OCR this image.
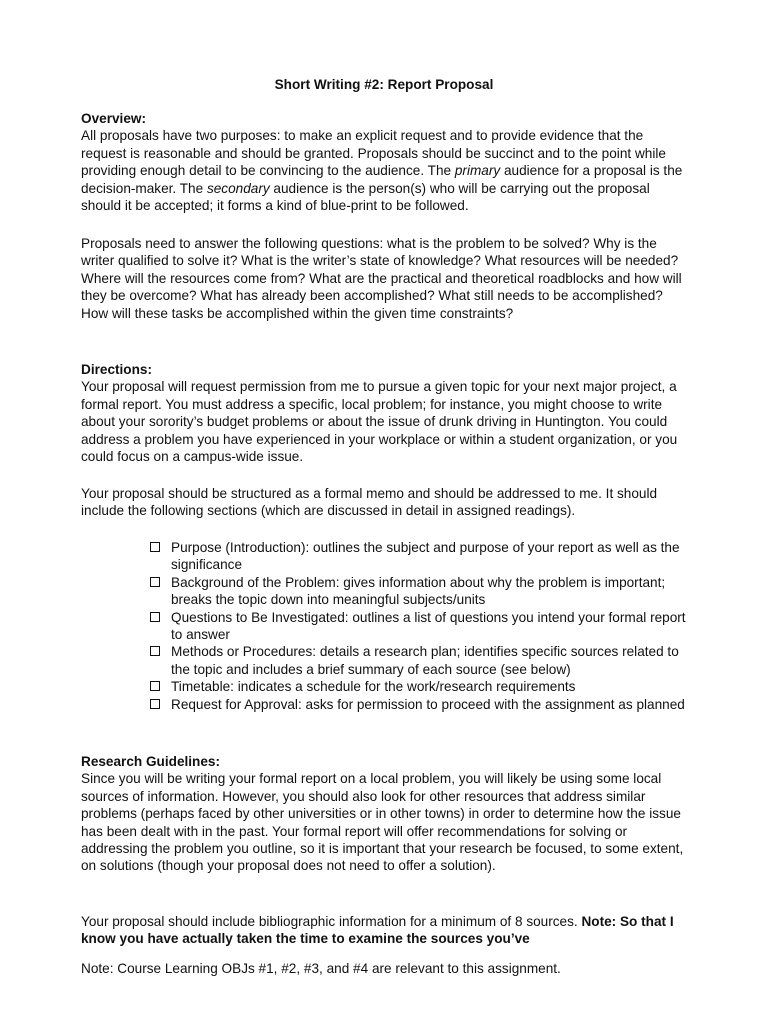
Short Writing #2: Report Proposal

Overview:

All proposals have two purposes: to make an explicit request and to provide evidence that the request is reasonable and should be granted. Proposals should be succinct and to the point while providing enough detail to be convincing to the audience. The primary audience for a proposal is the decision-maker. The secondary audience is the person(s) who will be carrying out the proposal should it be accepted; it forms a kind of blue-print to be followed.

Proposals need to answer the following questions: what is the problem to be solved? Why is the writer qualified to solve it? What is the writer’s state of knowledge? What resources will be needed? Where will the resources come from? What are the practical and theoretical roadblocks and how will they be overcome? What has already been accomplished? What still needs to be accomplished? How will these tasks be accomplished within the given time constraints?

Directions:

Your proposal will request permission from me to pursue a given topic for your next major project, a formal report. You must address a specific, local problem; for instance, you might choose to write about your sorority’s budget problems or about the issue of drunk driving in Huntington. You could address a problem you have experienced in your workplace or within a student organization, or you could focus on a campus-wide issue.

Your proposal should be structured as a formal memo and should be addressed to me. It should include the following sections (which are discussed in detail in assigned readings).

Purpose (Introduction): outlines the subject and purpose of your report as well as the significance
Background of the Problem: gives information about why the problem is important; breaks the topic down into meaningful subjects/units
Questions to Be Investigated: outlines a list of questions you intend your formal report to answer
Methods or Procedures: details a research plan; identifies specific sources related to the topic and includes a brief summary of each source (see below)
Timetable: indicates a schedule for the work/research requirements
Request for Approval: asks for permission to proceed with the assignment as planned

Research Guidelines:

Since you will be writing your formal report on a local problem, you will likely be using some local sources of information. However, you should also look for other resources that address similar problems (perhaps faced by other universities or in other towns) in order to determine how the issue has been dealt with in the past. Your formal report will offer recommendations for solving or addressing the problem you outline, so it is important that your research be focused, to some extent, on solutions (though your proposal does not need to offer a solution).

Your proposal should include bibliographic information for a minimum of 8 sources. Note: So that I know you have actually taken the time to examine the sources you’ve

Note: Course Learning OBJs #1, #2, #3, and #4 are relevant to this assignment.
